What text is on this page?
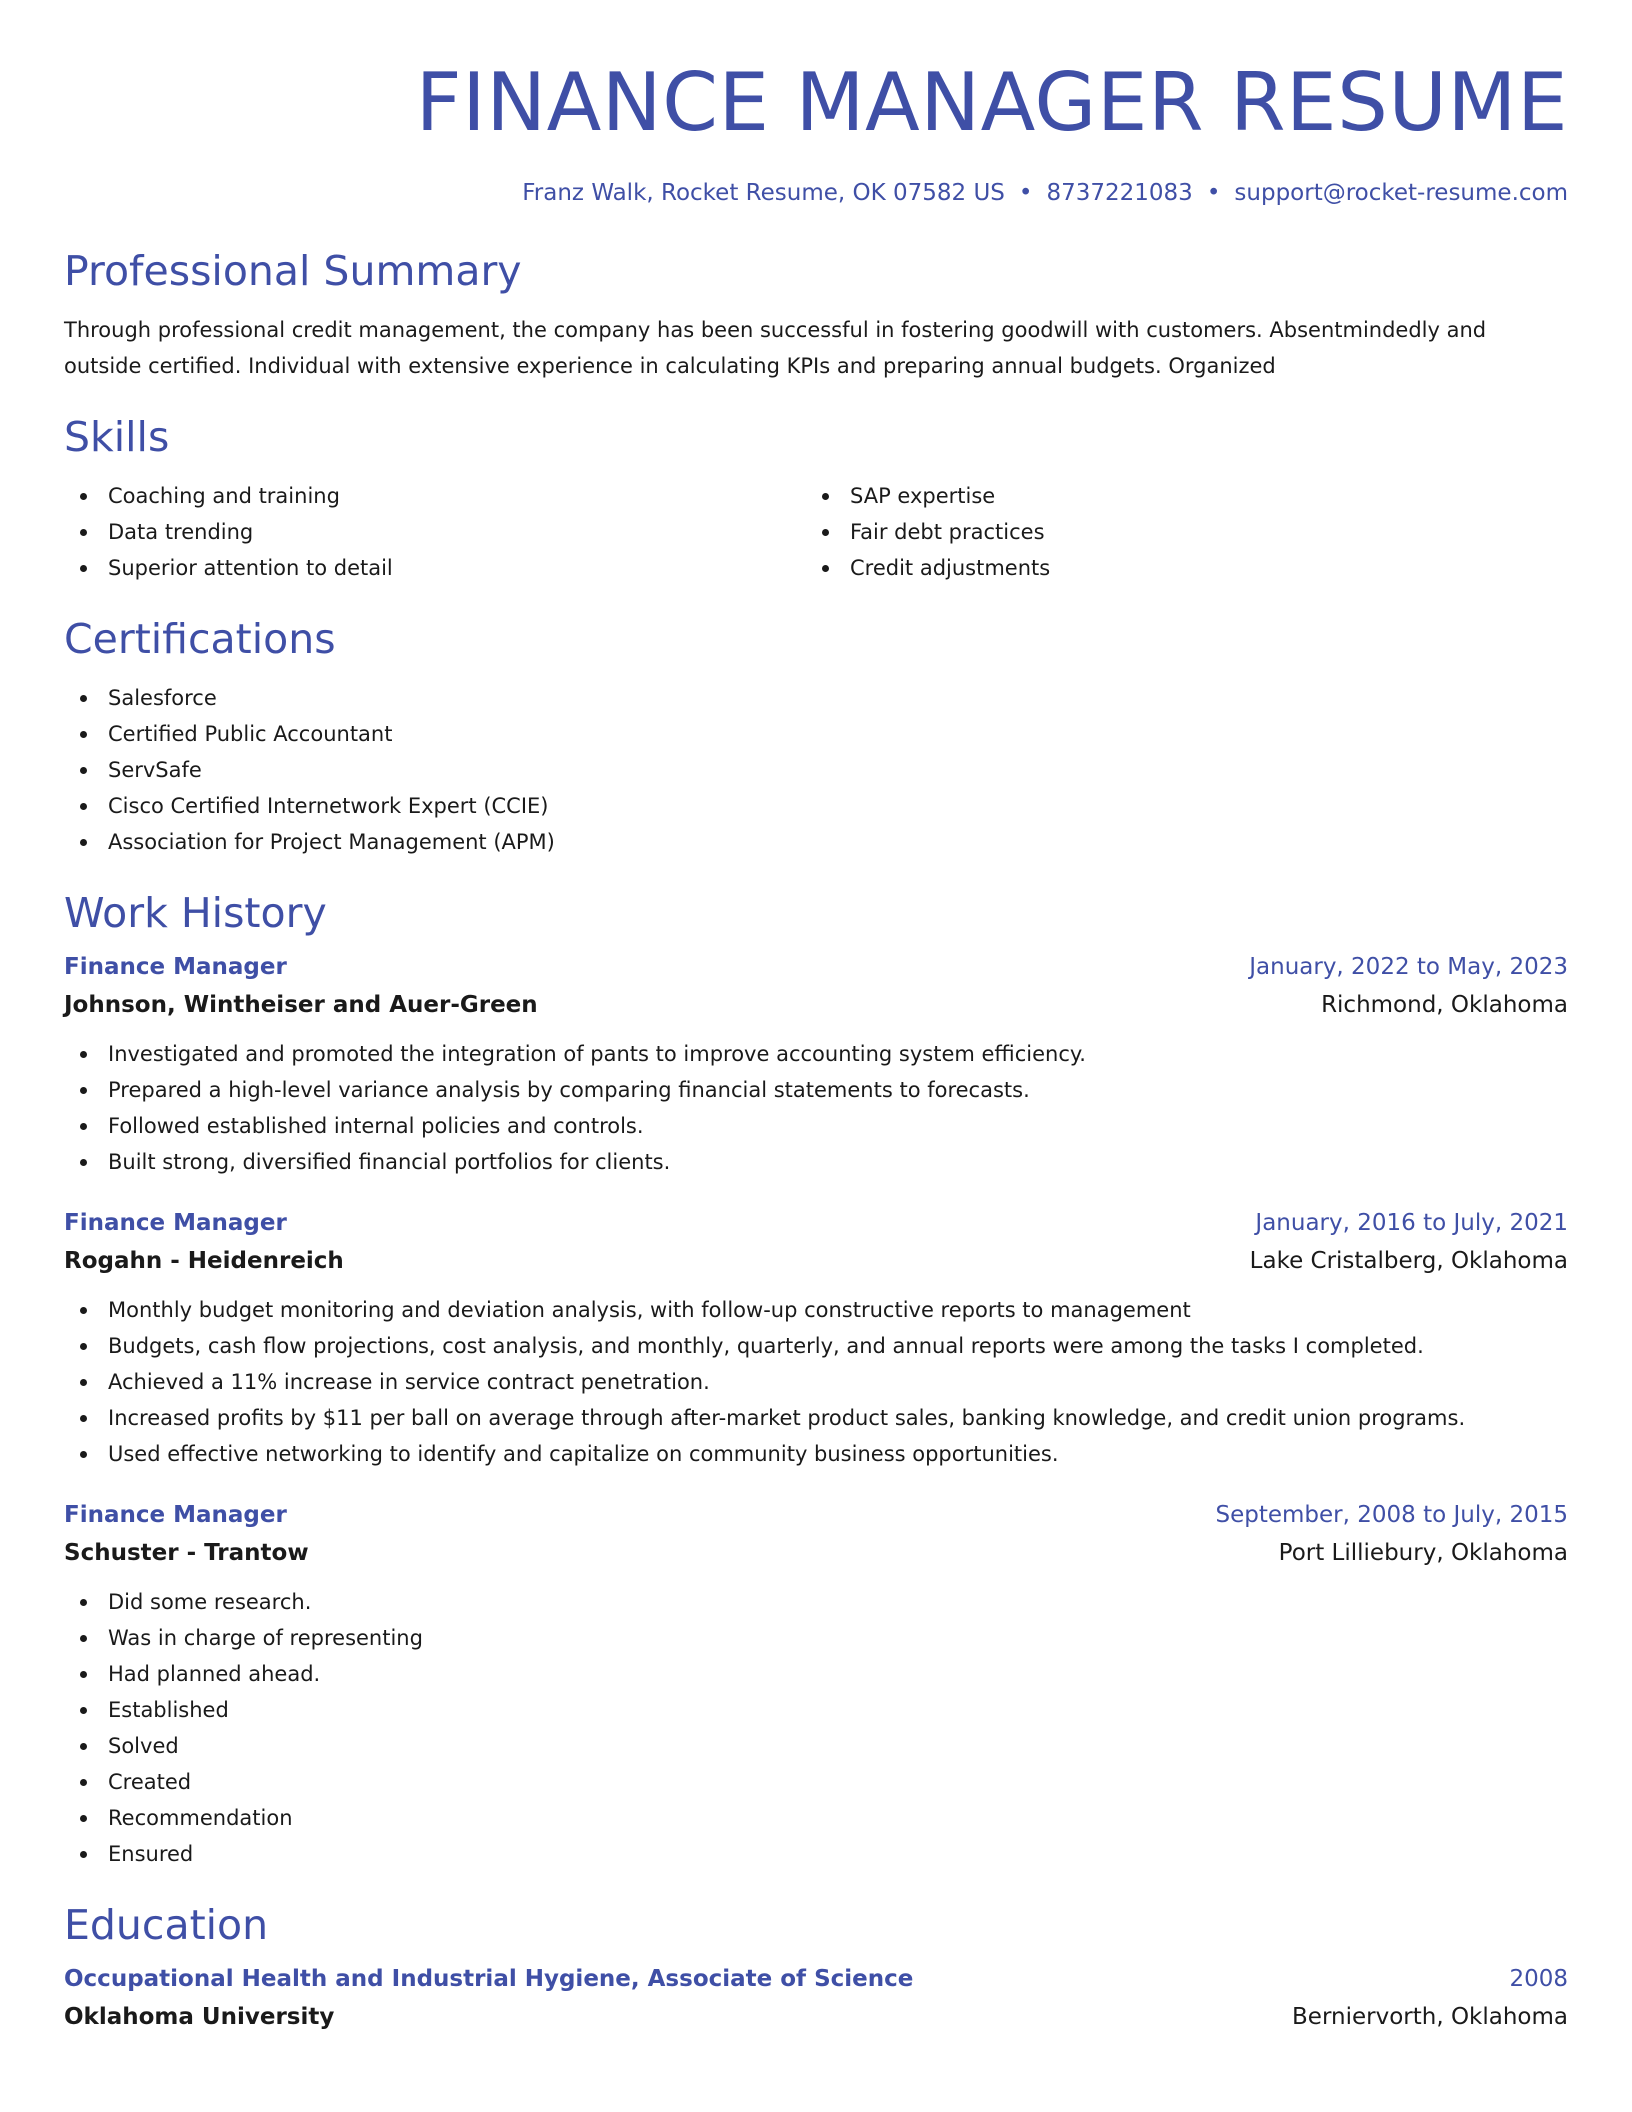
FINANCE MANAGER RESUME
Franz Walk, Rocket Resume, OK 07582 US • 8737221083 • support@rocket-resume.com
Professional Summary
Through professional credit management, the company has been successful in fostering goodwill with customers. Absentmindedly and outside certified. Individual with extensive experience in calculating KPIs and preparing annual budgets. Organized
Skills
Coaching and training
Data trending
Superior attention to detail
SAP expertise
Fair debt practices
Credit adjustments
Certifications
Salesforce
Certified Public Accountant
ServSafe
Cisco Certified Internetwork Expert (CCIE)
Association for Project Management (APM)
Work History
Finance Manager	January, 2022 to May, 2023
Johnson, Wintheiser and Auer-Green	Richmond, Oklahoma
Investigated and promoted the integration of pants to improve accounting system efficiency.
Prepared a high-level variance analysis by comparing financial statements to forecasts.
Followed established internal policies and controls.
Built strong, diversified financial portfolios for clients.
Finance Manager	January, 2016 to July, 2021
Rogahn - Heidenreich	Lake Cristalberg, Oklahoma
Monthly budget monitoring and deviation analysis, with follow-up constructive reports to management
Budgets, cash flow projections, cost analysis, and monthly, quarterly, and annual reports were among the tasks I completed.
Achieved a 11% increase in service contract penetration.
Increased profits by $11 per ball on average through after-market product sales, banking knowledge, and credit union programs.
Used effective networking to identify and capitalize on community business opportunities.
Finance Manager	September, 2008 to July, 2015
Schuster - Trantow	Port Lilliebury, Oklahoma
Did some research.
Was in charge of representing
Had planned ahead.
Established
Solved
Created
Recommendation
Ensured
Education
Occupational Health and Industrial Hygiene, Associate of Science	2008
Oklahoma University	Berniervorth, Oklahoma
